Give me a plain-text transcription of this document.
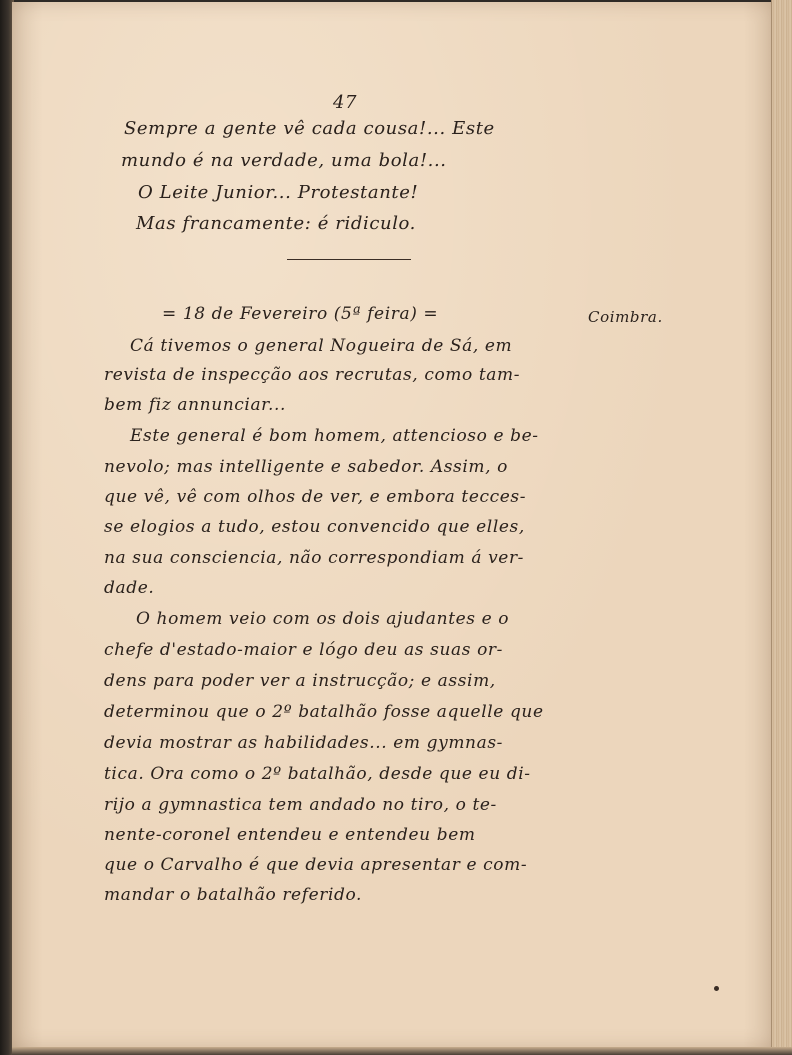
47
Sempre a gente vê cada cousa!... Este
mundo é na verdade, uma bola!...
O Leite Junior... Protestante!
Mas francamente: é ridiculo.
= 18 de Fevereiro (5ª feira) =	Coimbra.
Cá tivemos o general Nogueira de Sá, em
revista de inspecção aos recrutas, como tam-
bem fiz annunciar...
Este general é bom homem, attencioso e be-
nevolo; mas intelligente e sabedor. Assim, o
que vê, vê com olhos de ver, e embora tecces-
se elogios a tudo, estou convencido que elles,
na sua consciencia, não correspondiam á ver-
dade.
O homem veio com os dois ajudantes e o
chefe d'estado-maior e lógo deu as suas or-
dens para poder ver a instrucção; e assim,
determinou que o 2º batalhão fosse aquelle que
devia mostrar as habilidades... em gymnas-
tica. Ora como o 2º batalhão, desde que eu di-
rijo a gymnastica tem andado no tiro, o te-
nente-coronel entendeu e entendeu bem
que o Carvalho é que devia apresentar e com-
mandar o batalhão referido.
